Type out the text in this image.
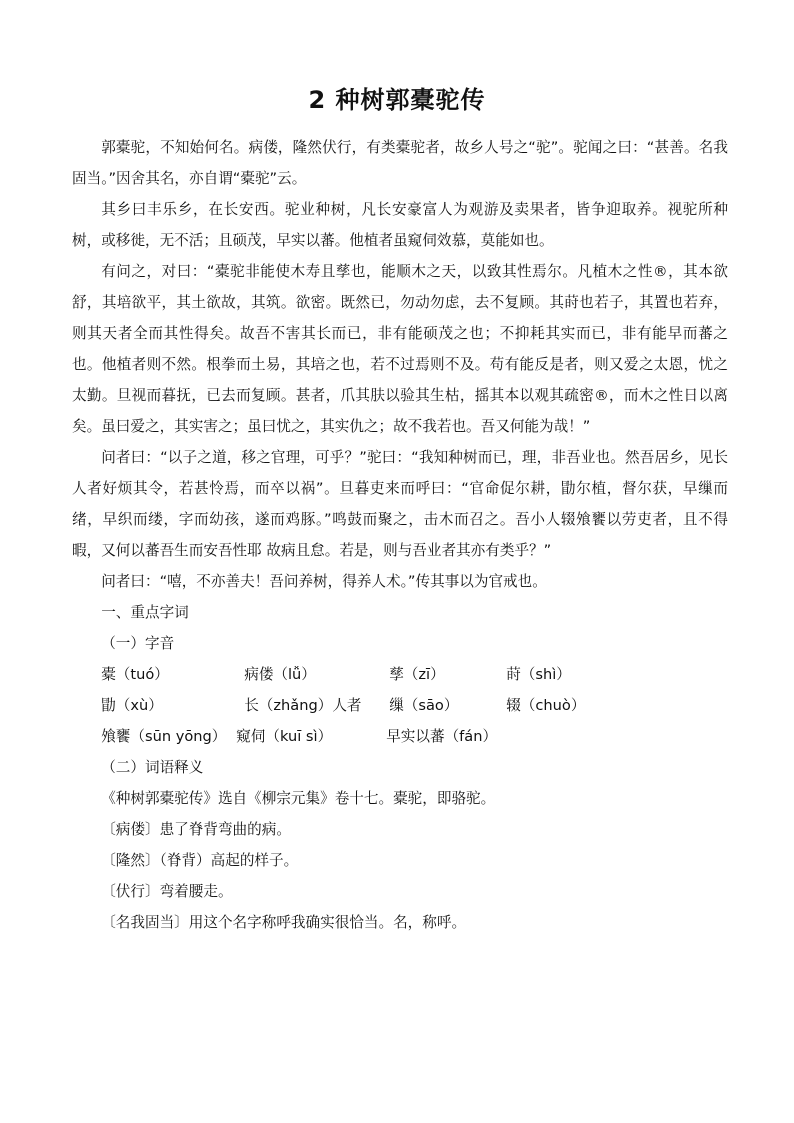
2 种树郭橐驼传

郭橐驼，不知始何名。病偻，隆然伏行，有类橐驼者，故乡人号之“驼”。驼闻之曰：“甚善。名我固当。”因舍其名，亦自谓“橐驼”云。

其乡曰丰乐乡，在长安西。驼业种树，凡长安豪富人为观游及卖果者，皆争迎取养。视驼所种树，或移徙，无不活；且硕茂，早实以蕃。他植者虽窥伺效慕，莫能如也。

有问之，对曰：“橐驼非能使木寿且孳也，能顺木之天，以致其性焉尔。凡植木之性®，其本欲舒，其培欲平，其土欲故，其筑。欲密。既然已，勿动勿虑，去不复顾。其莳也若子，其置也若弃，则其天者全而其性得矣。故吾不害其长而已，非有能硕茂之也；不抑耗其实而已，非有能早而蕃之也。他植者则不然。根拳而土易，其培之也，若不过焉则不及。苟有能反是者，则又爱之太恩，忧之太勤。旦视而暮抚，已去而复顾。甚者，爪其肤以验其生枯，摇其本以观其疏密®，而木之性日以离矣。虽曰爱之，其实害之；虽曰忧之，其实仇之；故不我若也。吾又何能为哉！”

问者曰：“以子之道，移之官理，可乎？”驼曰：“我知种树而已，理，非吾业也。然吾居乡，见长人者好烦其令，若甚怜焉，而卒以祸”。旦暮吏来而呼曰：“官命促尔耕，勖尔植，督尔获，早缫而绪，早织而缕，字而幼孩，遂而鸡豚。”鸣鼓而聚之，击木而召之。吾小人辍飧饔以劳吏者，且不得暇，又何以蕃吾生而安吾性耶 故病且怠。若是，则与吾业者其亦有类乎？”

问者曰：“嘻，不亦善夫！吾问养树，得养人术。”传其事以为官戒也。

一、重点字词

（一）字音

橐（tuó）	病偻（lǚ）	孳（zī）	莳（shì）
勖（xù）	长（zhǎng）人者	缫（sāo）	辍（chuò）
飧饔（sūn yōng） 窥伺（kuī sì）	早实以蕃（fán）

（二）词语释义

《种树郭橐驼传》选自《柳宗元集》卷十七。橐驼，即骆驼。

〔病偻〕患了脊背弯曲的病。

〔隆然〕（脊背）高起的样子。

〔伏行〕弯着腰走。

〔名我固当〕用这个名字称呼我确实很恰当。名，称呼。
